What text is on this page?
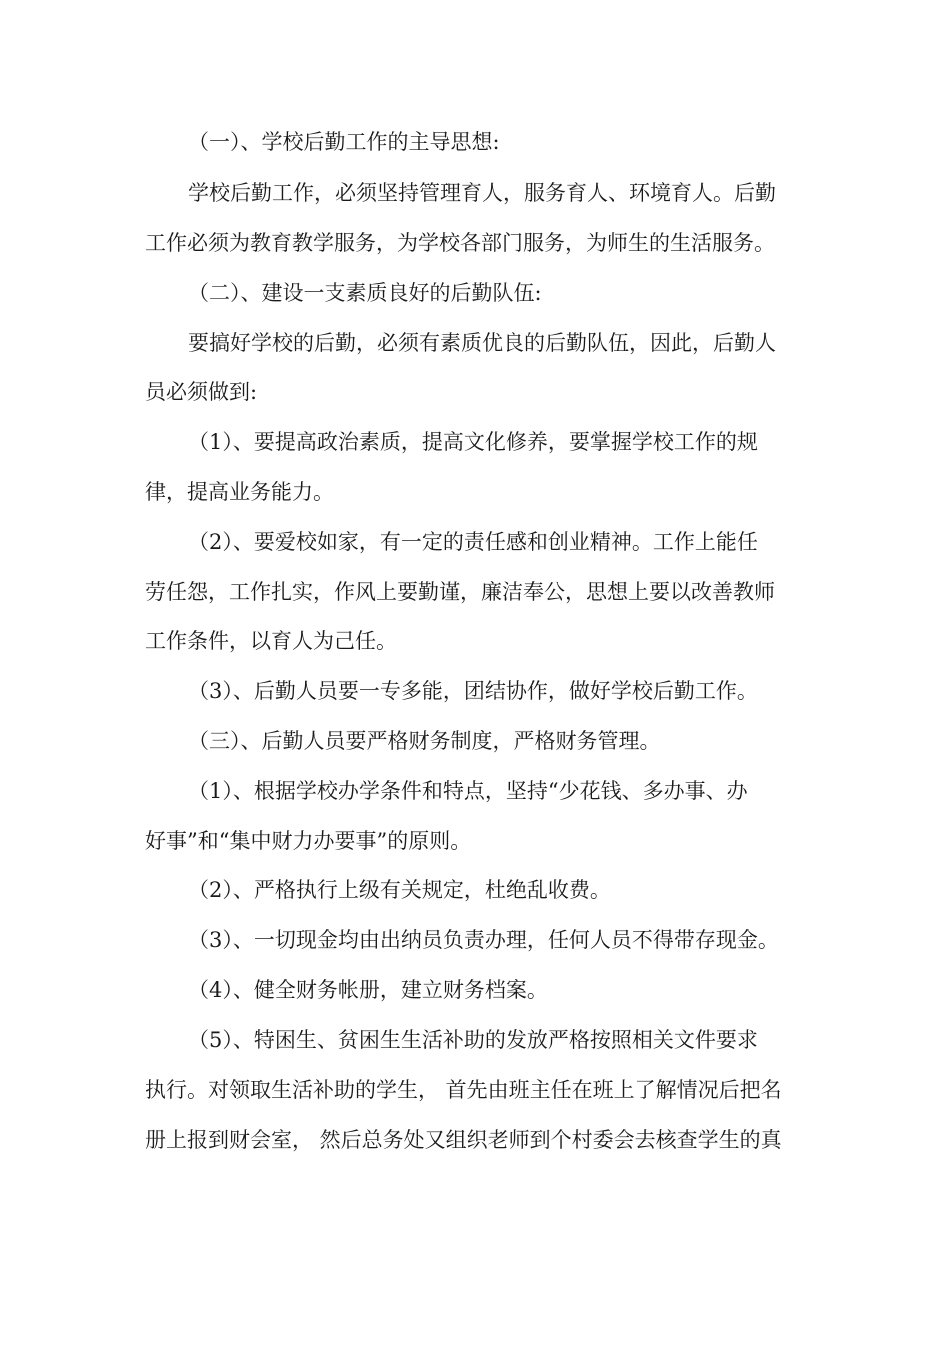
（一）、学校后勤工作的主导思想:

学校后勤工作，必须坚持管理育人，服务育人、环境育人。后勤

工作必须为教育教学服务，为学校各部门服务，为师生的生活服务。

（二）、建设一支素质良好的后勤队伍:

要搞好学校的后勤，必须有素质优良的后勤队伍，因此，后勤人

员必须做到:

（1）、要提高政治素质，提高文化修养，要掌握学校工作的规

律，提高业务能力。

（2）、要爱校如家，有一定的责任感和创业精神。工作上能任

劳任怨，工作扎实，作风上要勤谨，廉洁奉公，思想上要以改善教师

工作条件，以育人为己任。

（3）、后勤人员要一专多能，团结协作，做好学校后勤工作。

（三）、后勤人员要严格财务制度，严格财务管理。

（1）、根据学校办学条件和特点，坚持“少花钱、多办事、办

好事”和“集中财力办要事”的原则。

（2）、严格执行上级有关规定，杜绝乱收费。

（3）、一切现金均由出纳员负责办理，任何人员不得带存现金。

（4）、健全财务帐册，建立财务档案。

（5）、特困生、贫困生生活补助的发放严格按照相关文件要求

执行。对领取生活补助的学生， 首先由班主任在班上了解情况后把名

册上报到财会室， 然后总务处又组织老师到个村委会去核查学生的真
